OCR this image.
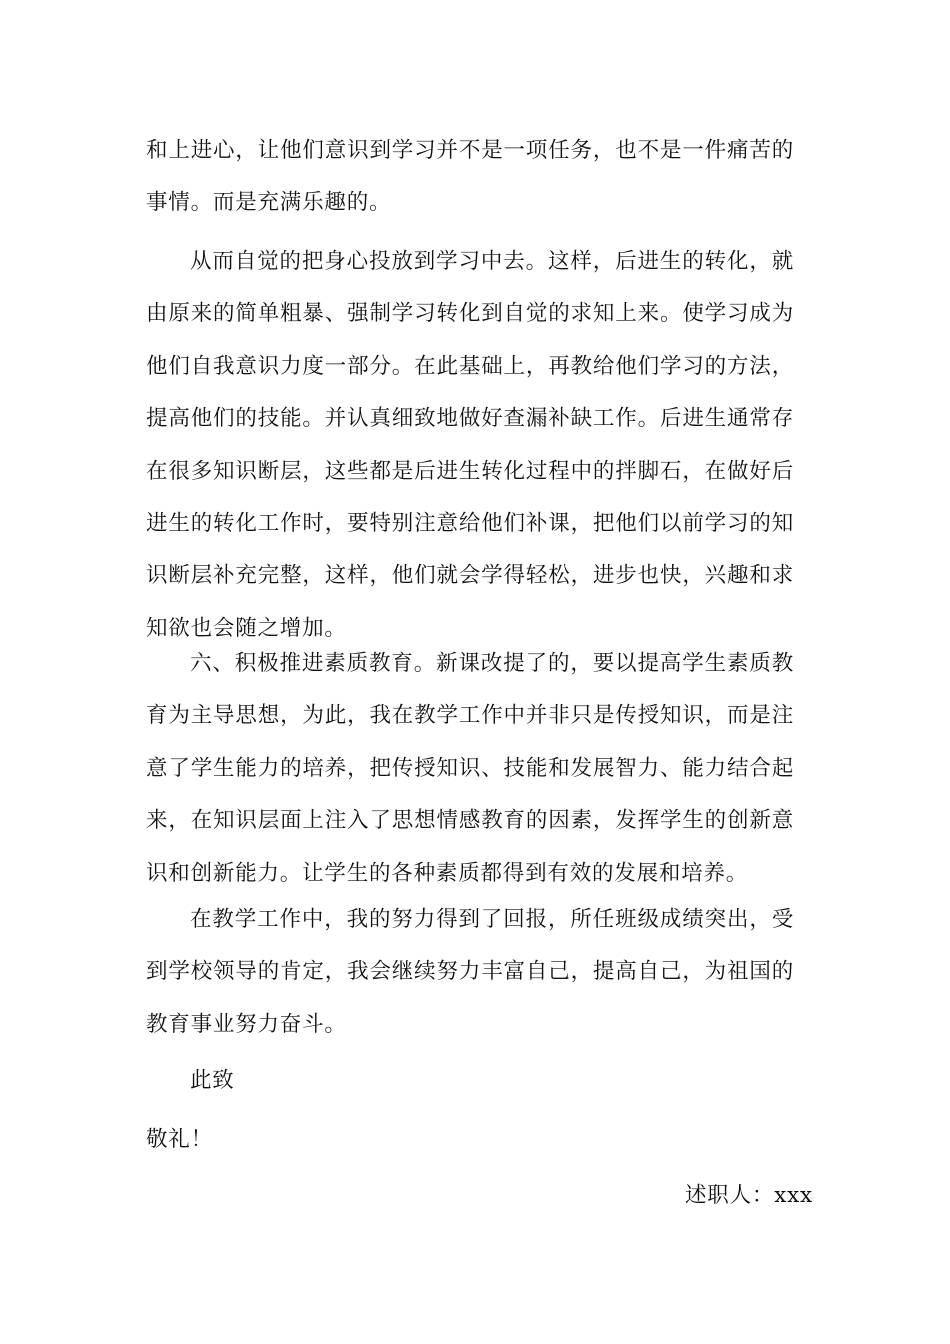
和上进心，让他们意识到学习并不是一项任务，也不是一件痛苦的事情。而是充满乐趣的。

从而自觉的把身心投放到学习中去。这样，后进生的转化，就由原来的简单粗暴、强制学习转化到自觉的求知上来。使学习成为他们自我意识力度一部分。在此基础上，再教给他们学习的方法，提高他们的技能。并认真细致地做好查漏补缺工作。后进生通常存在很多知识断层，这些都是后进生转化过程中的拌脚石，在做好后进生的转化工作时，要特别注意给他们补课，把他们以前学习的知识断层补充完整，这样，他们就会学得轻松，进步也快，兴趣和求知欲也会随之增加。

六、积极推进素质教育。新课改提了的，要以提高学生素质教育为主导思想，为此，我在教学工作中并非只是传授知识，而是注意了学生能力的培养，把传授知识、技能和发展智力、能力结合起来，在知识层面上注入了思想情感教育的因素，发挥学生的创新意识和创新能力。让学生的各种素质都得到有效的发展和培养。

在教学工作中，我的努力得到了回报，所任班级成绩突出，受到学校领导的肯定，我会继续努力丰富自己，提高自己，为祖国的教育事业努力奋斗。

此致

敬礼！

述职人：xxx
